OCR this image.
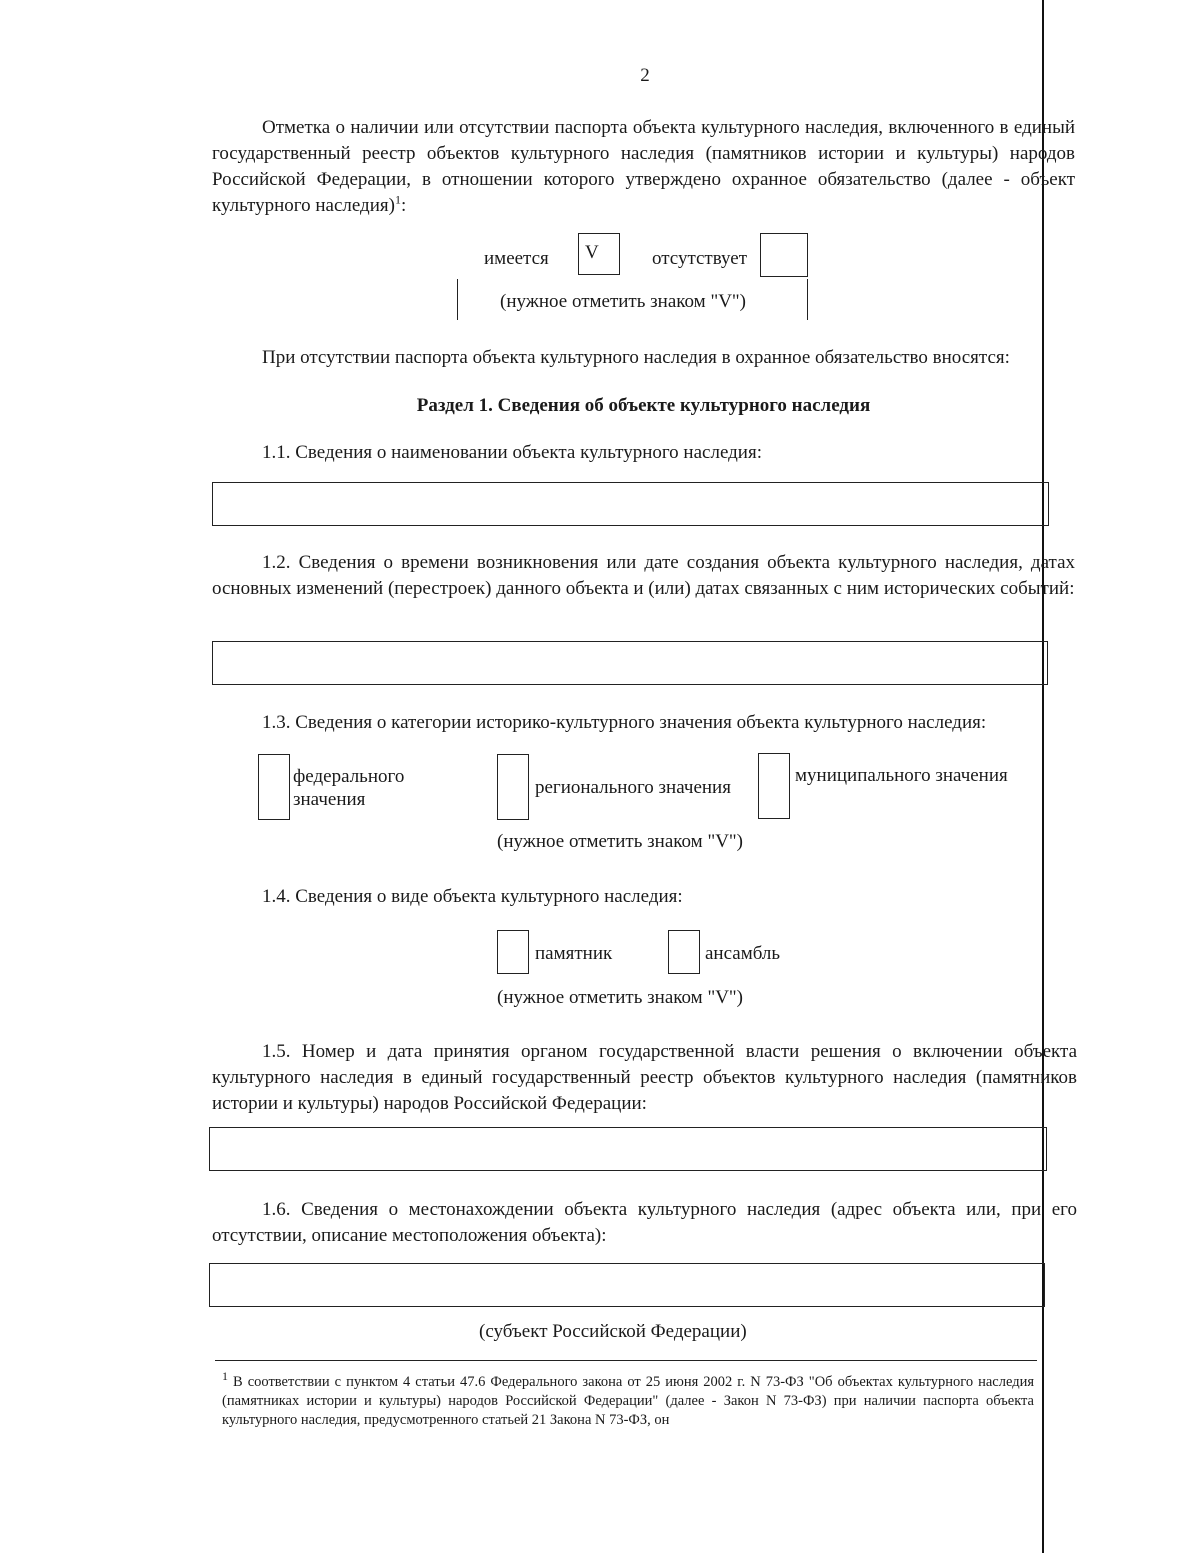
2
Отметка о наличии или отсутствии паспорта объекта культурного наследия, включенного в единый государственный реестр объектов культурного наследия (памятников истории и культуры) народов Российской Федерации, в отношении которого утверждено охранное обязательство (далее - объект культурного наследия)$^1$:
имеется V	отсутствует
(нужное отметить знаком "V")
При отсутствии паспорта объекта культурного наследия в охранное обязательство вносятся:
Раздел 1. Сведения об объекте культурного наследия
1.1. Сведения о наименовании объекта культурного наследия:
1.2. Сведения о времени возникновения или дате создания объекта культурного наследия, датах основных изменений (перестроек) данного объекта и (или) датах связанных с ним исторических событий:
1.3. Сведения о категории историко-культурного значения объекта культурного наследия:
федерального значения
регионального значения
муниципального значения
(нужное отметить знаком "V")
1.4. Сведения о виде объекта культурного наследия:
памятник	ансамбль
(нужное отметить знаком "V")
1.5. Номер и дата принятия органом государственной власти решения о включении объекта культурного наследия в единый государственный реестр объектов культурного наследия (памятников истории и культуры) народов Российской Федерации:
1.6. Сведения о местонахождении объекта культурного наследия (адрес объекта или, при его отсутствии, описание местоположения объекта):
(субъект Российской Федерации)
$^1$ В соответствии с пунктом 4 статьи 47.6 Федерального закона от 25 июня 2002 г. N 73-ФЗ "Об объектах культурного наследия (памятниках истории и культуры) народов Российской Федерации" (далее - Закон N 73-ФЗ) при наличии паспорта объекта культурного наследия, предусмотренного статьей 21 Закона N 73-ФЗ, он
